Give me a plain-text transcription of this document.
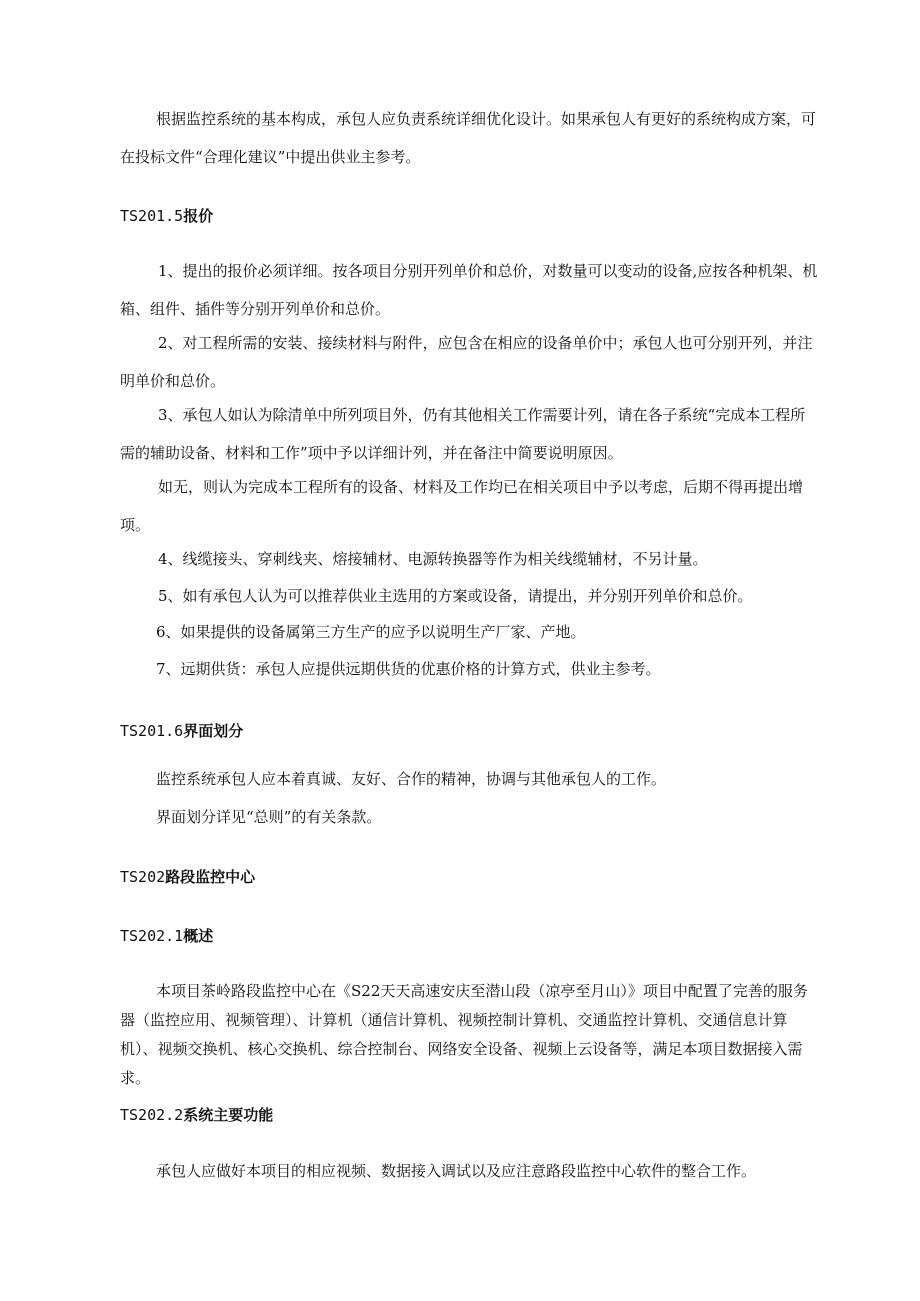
根据监控系统的基本构成，承包人应负责系统详细优化设计。如果承包人有更好的系统构成方案，可在投标文件“合理化建议”中提出供业主参考。

TS201.5报价

1、提出的报价必须详细。按各项目分别开列单价和总价，对数量可以变动的设备,应按各种机架、机箱、组件、插件等分别开列单价和总价。

2、对工程所需的安装、接续材料与附件，应包含在相应的设备单价中；承包人也可分别开列，并注明单价和总价。

3、承包人如认为除清单中所列项目外，仍有其他相关工作需要计列，请在各子系统“完成本工程所需的辅助设备、材料和工作”项中予以详细计列，并在备注中简要说明原因。

如无，则认为完成本工程所有的设备、材料及工作均已在相关项目中予以考虑，后期不得再提出增项。

4、线缆接头、穿刺线夹、熔接辅材、电源转换器等作为相关线缆辅材，不另计量。

5、如有承包人认为可以推荐供业主选用的方案或设备，请提出，并分别开列单价和总价。

6、如果提供的设备属第三方生产的应予以说明生产厂家、产地。

7、远期供货：承包人应提供远期供货的优惠价格的计算方式，供业主参考。

TS201.6界面划分

监控系统承包人应本着真诚、友好、合作的精神，协调与其他承包人的工作。

界面划分详见“总则”的有关条款。

TS202路段监控中心
TS202.1概述

本项目茶岭路段监控中心在《S22天天高速安庆至潜山段（凉亭至月山）》项目中配置了完善的服务器（监控应用、视频管理）、计算机（通信计算机、视频控制计算机、交通监控计算机、交通信息计算机）、视频交换机、核心交换机、综合控制台、网络安全设备、视频上云设备等，满足本项目数据接入需求。

TS202.2系统主要功能

承包人应做好本项目的相应视频、数据接入调试以及应注意路段监控中心软件的整合工作。
